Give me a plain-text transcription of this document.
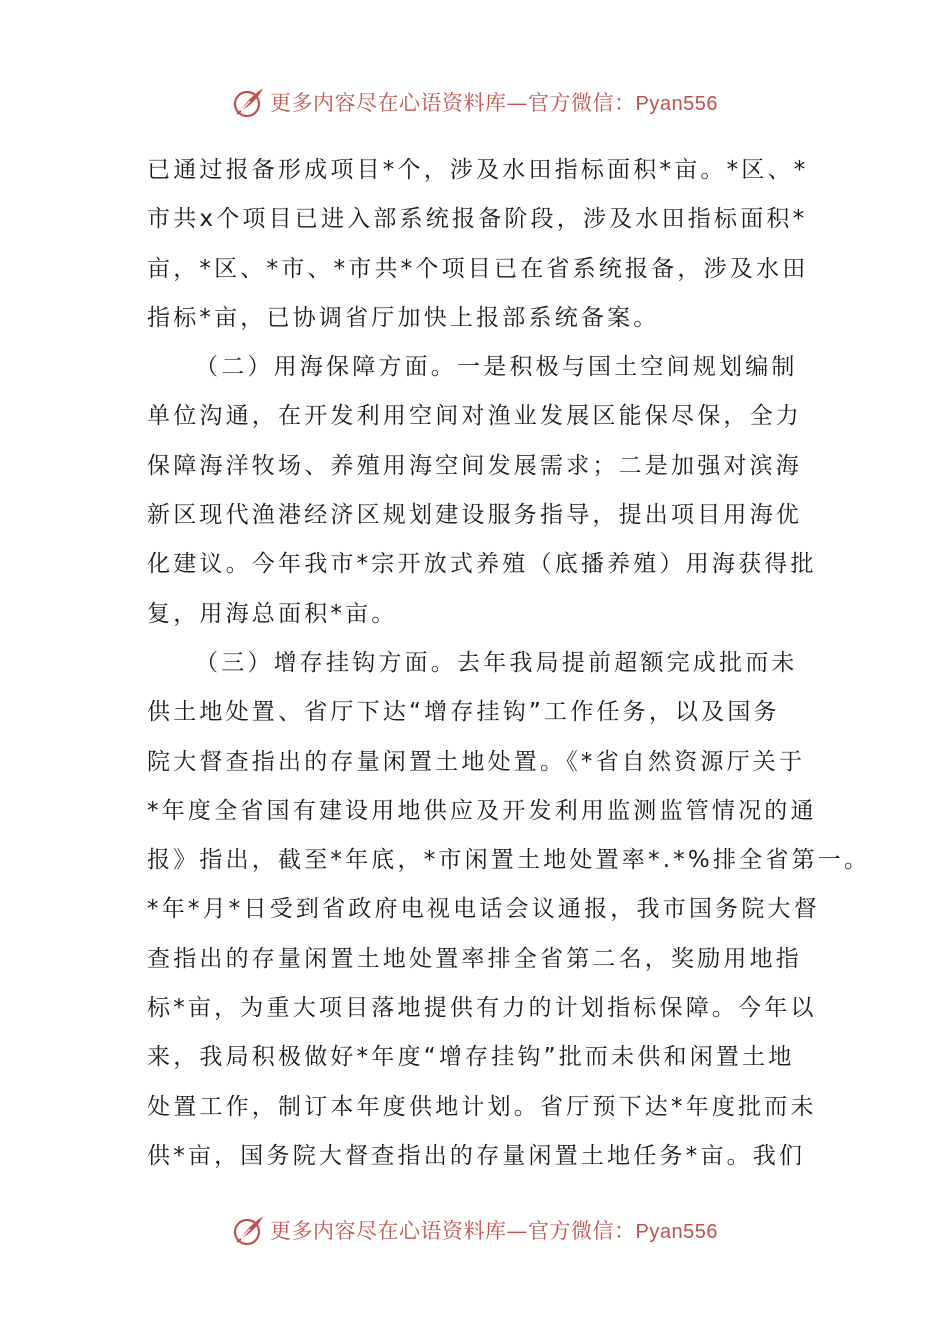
更多内容尽在心语资料库—官方微信：Pyan556
已通过报备形成项目*个，涉及水田指标面积*亩。*区、*
市共x个项目已进入部系统报备阶段，涉及水田指标面积*
亩，*区、*市、*市共*个项目已在省系统报备，涉及水田
指标*亩，已协调省厅加快上报部系统备案。
（二）用海保障方面。一是积极与国土空间规划编制
单位沟通，在开发利用空间对渔业发展区能保尽保，全力
保障海洋牧场、养殖用海空间发展需求；二是加强对滨海
新区现代渔港经济区规划建设服务指导，提出项目用海优
化建议。今年我市*宗开放式养殖（底播养殖）用海获得批
复，用海总面积*亩。
（三）增存挂钩方面。去年我局提前超额完成批而未
供土地处置、省厅下达“增存挂钩”工作任务，以及国务
院大督查指出的存量闲置土地处置。《*省自然资源厅关于
*年度全省国有建设用地供应及开发利用监测监管情况的通
报》指出，截至*年底，*市闲置土地处置率*.*%排全省第一。
*年*月*日受到省政府电视电话会议通报，我市国务院大督
查指出的存量闲置土地处置率排全省第二名，奖励用地指
标*亩，为重大项目落地提供有力的计划指标保障。今年以
来，我局积极做好*年度“增存挂钩”批而未供和闲置土地
处置工作，制订本年度供地计划。省厅预下达*年度批而未
供*亩，国务院大督查指出的存量闲置土地任务*亩。我们
更多内容尽在心语资料库—官方微信：Pyan556
